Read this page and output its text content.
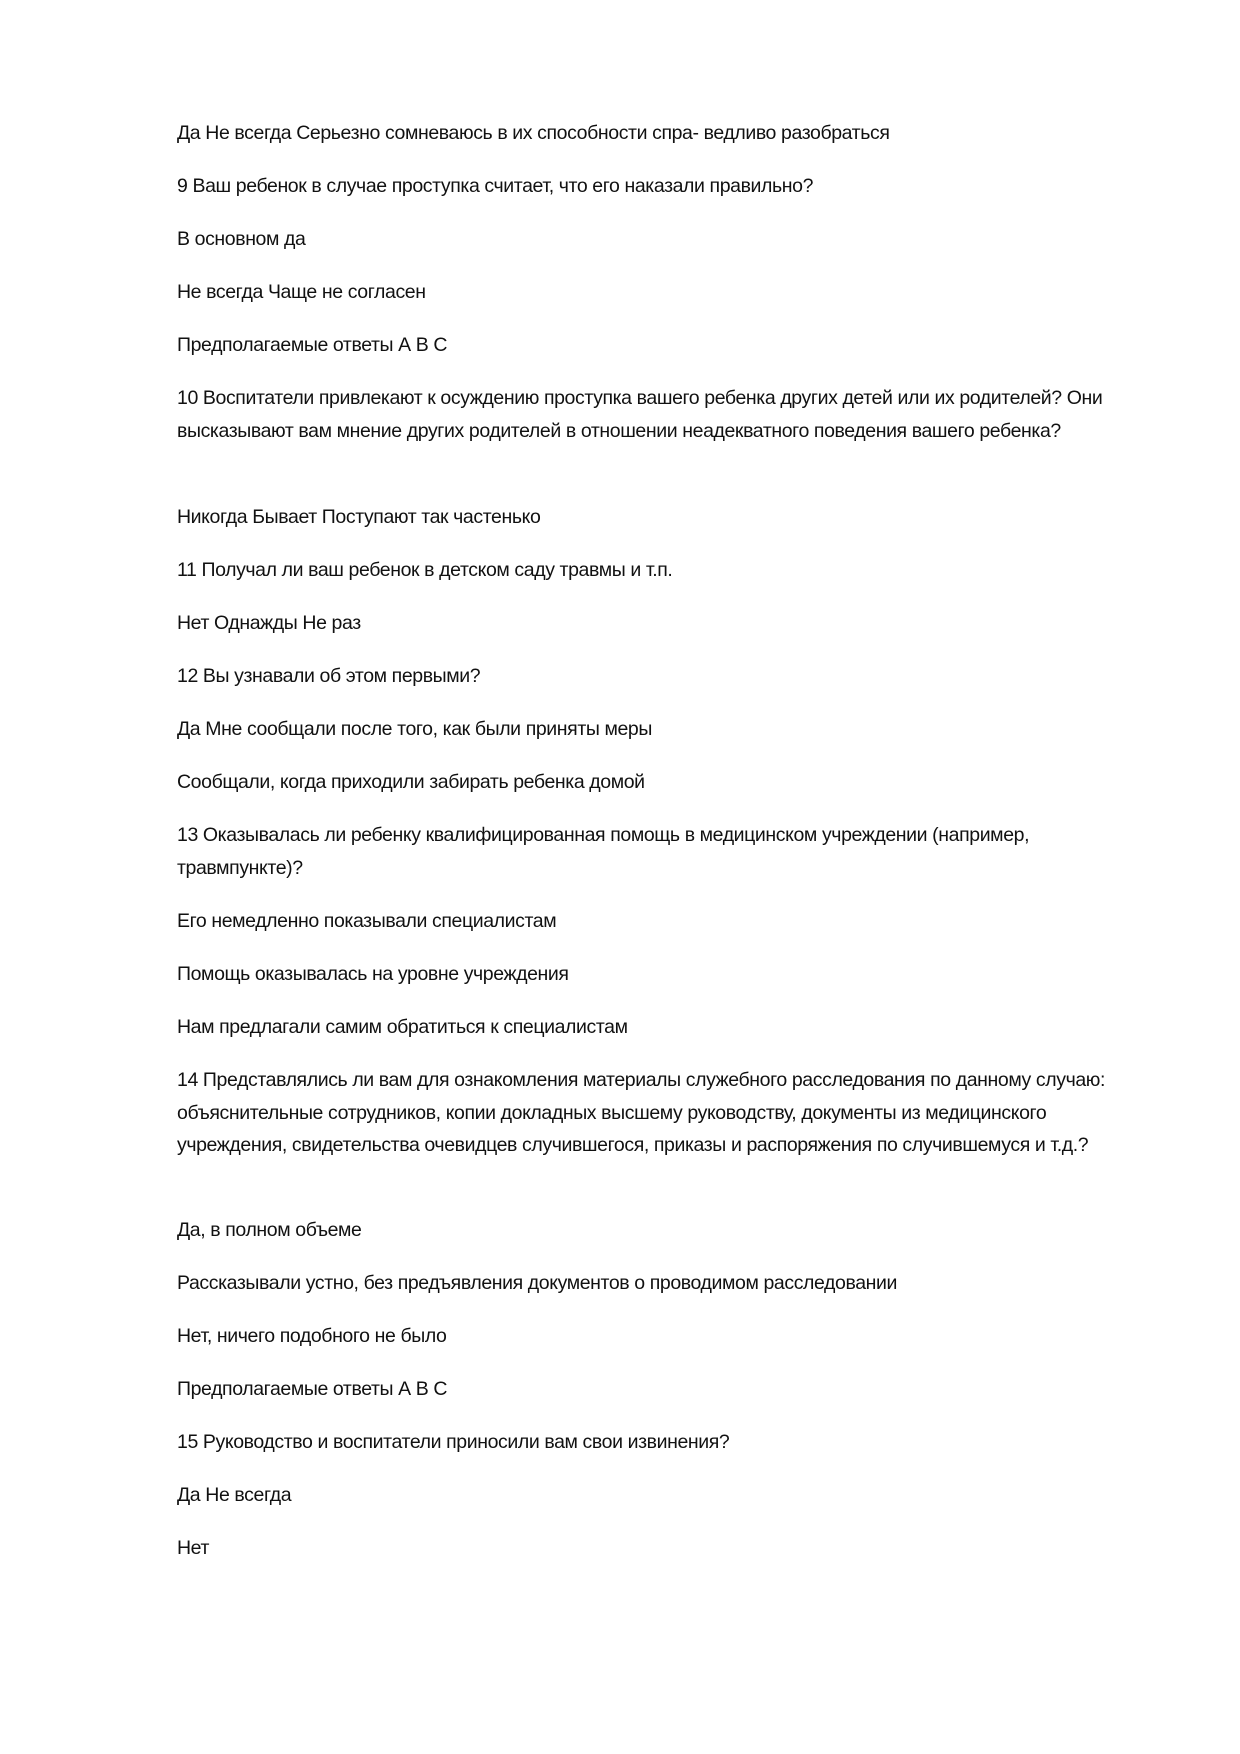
Да Не всегда Серьезно сомневаюсь в их способности спра- ведливо разобраться
9 Ваш ребенок в случае проступка считает, что его наказали правильно?
В основном да
Не всегда Чаще не согласен
Предполагаемые ответы А В С
10 Воспитатели привлекают к осуждению проступка вашего ребенка других детей или их родителей? Они высказывают вам мнение других родителей в отношении неадекватного поведения вашего ребенка?
Никогда Бывает Поступают так частенько
11 Получал ли ваш ребенок в детском саду травмы и т.п.
Нет Однажды Не раз
12 Вы узнавали об этом первыми?
Да Мне сообщали после того, как были приняты меры
Сообщали, когда приходили забирать ребенка домой
13 Оказывалась ли ребенку квалифицированная помощь в медицинском учреждении (например, травмпункте)?
Его немедленно показывали специалистам
Помощь оказывалась на уровне учреждения
Нам предлагали самим обратиться к специалистам
14 Представлялись ли вам для ознакомления материалы служебного расследования по данному случаю: объяснительные сотрудников, копии докладных высшему руководству, документы из медицинского учреждения, свидетельства очевидцев случившегося, приказы и распоряжения по случившемуся и т.д.?
Да, в полном объеме
Рассказывали устно, без предъявления документов о проводимом расследовании
Нет, ничего подобного не было
Предполагаемые ответы А В С
15 Руководство и воспитатели приносили вам свои извинения?
Да Не всегда
Нет
